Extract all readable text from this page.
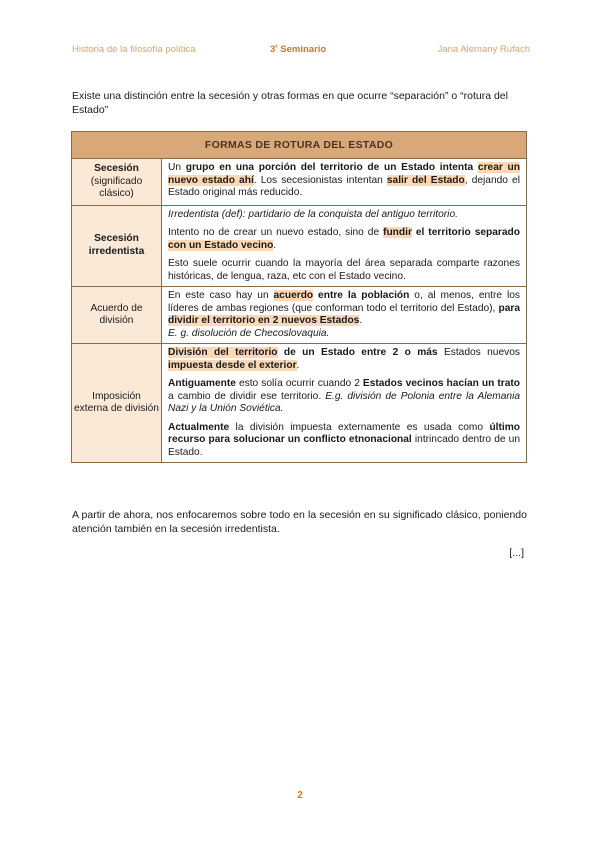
Historia de la filosofía política	3$^r$ Seminario	Jana Alemany Rufach
Existe una distinción entre la secesión y otras formas en que ocurre “separación” o “rotura del Estado”
FORMAS DE ROTURA DEL ESTADO	
Secesión
(significado clásico)	Un grupo en una porción del territorio de un Estado intenta crear un nuevo estado ahí. Los secesionistas intentan salir del Estado, dejando el Estado original más reducido.

Secesión irredentista	Irredentista (def): partidario de la conquista del antiguo territorio.

Intento no de crear un nuevo estado, sino de fundir el territorio separado con un Estado vecino.

Esto suele ocurrir cuando la mayoría del área separada comparte razones históricas, de lengua, raza, etc con el Estado vecino.

Acuerdo de división	En este caso hay un acuerdo entre la población o, al menos, entre los líderes de ambas regiones (que conforman todo el territorio del Estado), para dividir el territorio en 2 nuevos Estados.
E. g. disolución de Checoslovaquia.

Imposición externa de división	División del territorio de un Estado entre 2 o más Estados nuevos impuesta desde el exterior.

Antiguamente esto solía ocurrir cuando 2 Estados vecinos hacían un trato a cambio de dividir ese territorio. E.g. división de Polonia entre la Alemania Nazi y la Unión Soviética.

Actualmente la división impuesta externamente es usada como último recurso para solucionar un conflicto etnonacional intrincado dentro de un Estado.

A partir de ahora, nos enfocaremos sobre todo en la secesión en su significado clásico, poniendo atención también en la secesión irredentista.
[...]
2
